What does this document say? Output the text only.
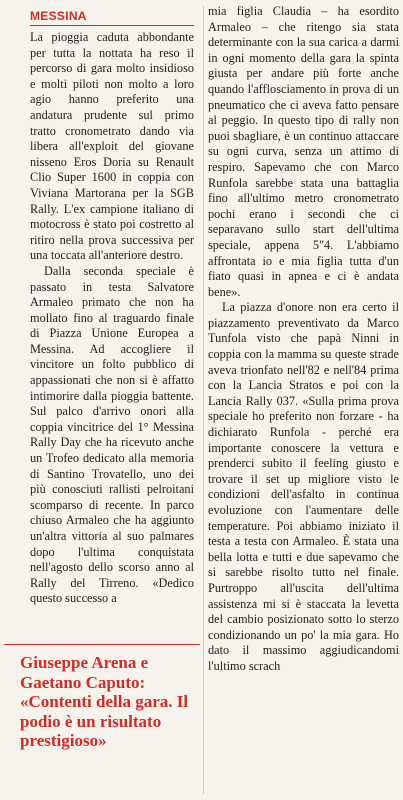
MESSINA

La pioggia caduta abbondante per tutta la nottata ha reso il percorso di gara molto insidioso e molti piloti non molto a loro agio hanno preferito una andatura prudente sul primo tratto cronometrato dando via libera all'exploit del giovane nisseno Eros Doria su Renault Clio Super 1600 in coppia con Viviana Martorana per la SGB Rally. L'ex campione italiano di motocross è stato poi costretto al ritiro nella prova successiva per una toccata all'anteriore destro.

Dalla seconda speciale è passato in testa Salvatore Armaleo primato che non ha mollato fino al traguardo finale di Piazza Unione Europea a Messina. Ad accogliere il vincitore un folto pubblico di appassionati che non si è affatto intimorire dalla pioggia battente. Sul palco d'arrivo onori alla coppia vincitrice del 1° Messina Rally Day che ha ricevuto anche un Trofeo dedicato alla memoria di Santino Trovatello, uno dei più conosciuti rallisti pelroitani scomparso di recente. In parco chiuso Armaleo che ha aggiunto un'altra vittoria al suo palmares dopo l'ultima conquistata nell'agosto dello scorso anno al Rally del Tirreno. «Dedico questo successo a

mia figlia Claudia – ha esordito Armaleo – che ritengo sia stata determinante con la sua carica a darmi in ogni momento della gara la spinta giusta per andare più forte anche quando l'afflosciamento in prova di un pneumatico che ci aveva fatto pensare al peggio. In questo tipo di rally non puoi sbagliare, è un continuo attaccare su ogni curva, senza un attimo di respiro. Sapevamo che con Marco Runfola sarebbe stata una battaglia fino all'ultimo metro cronometrato pochi erano i secondi che ci separavano sullo start dell'ultima speciale, appena 5"4. L'abbiamo affrontata io e mia figlia tutta d'un fiato quasi in apnea e ci è andata bene».

La piazza d'onore non era certo il piazzamento preventivato da Marco Tunfola visto che papà Ninni in coppia con la mamma su queste strade aveva trionfato nell'82 e nell'84 prima con la Lancia Stratos e poi con la Lancia Rally 037. «Sulla prima prova speciale ho preferito non forzare - ha dichiarato Runfola - perché era importante conoscere la vettura e prenderci subito il feeling giusto e trovare il set up migliore visto le condizioni dell'asfalto in continua evoluzione con l'aumentare delle temperature. Poi abbiamo iniziato il testa a testa con Armaleo. È stata una bella lotta e tutti e due sapevamo che si sarebbe risolto tutto nel finale. Purtroppo all'uscita dell'ultima assistenza mi si è staccata la levetta del cambio posizionato sotto lo sterzo condizionando un po' la mia gara. Ho dato il massimo aggiudicandomi l'ultimo scrach

Giuseppe Arena e Gaetano Caputo:
«Contenti della gara. Il podio è un risultato prestigioso»
